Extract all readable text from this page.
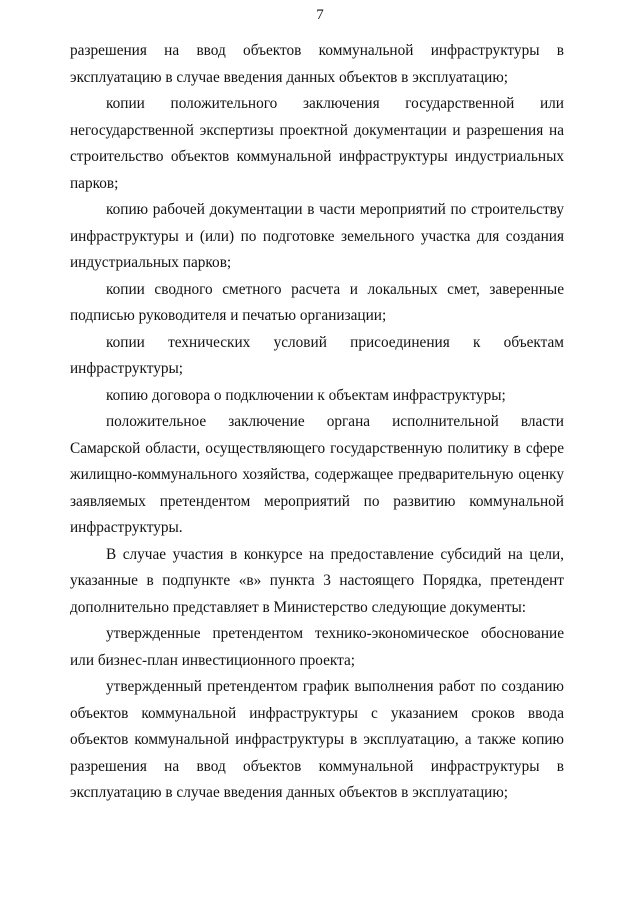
7

разрешения на ввод объектов коммунальной инфраструктуры в эксплуатацию в случае введения данных объектов в эксплуатацию;

копии положительного заключения государственной или негосударственной экспертизы проектной документации и разрешения на строительство объектов коммунальной инфраструктуры индустриальных парков;

копию рабочей документации в части мероприятий по строительству инфраструктуры и (или) по подготовке земельного участка для создания индустриальных парков;

копии сводного сметного расчета и локальных смет, заверенные подписью руководителя и печатью организации;

копии технических условий присоединения к объектам инфраструктуры;

копию договора о подключении к объектам инфраструктуры;

положительное заключение органа исполнительной власти Самарской области, осуществляющего государственную политику в сфере жилищно-коммунального хозяйства, содержащее предварительную оценку заявляемых претендентом мероприятий по развитию коммунальной инфраструктуры.

В случае участия в конкурсе на предоставление субсидий на цели, указанные в подпункте «в» пункта 3 настоящего Порядка, претендент дополнительно представляет в Министерство следующие документы:

утвержденные претендентом технико-экономическое обоснование или бизнес-план инвестиционного проекта;

утвержденный претендентом график выполнения работ по созданию объектов коммунальной инфраструктуры с указанием сроков ввода объектов коммунальной инфраструктуры в эксплуатацию, а также копию разрешения на ввод объектов коммунальной инфраструктуры в эксплуатацию в случае введения данных объектов в эксплуатацию;
